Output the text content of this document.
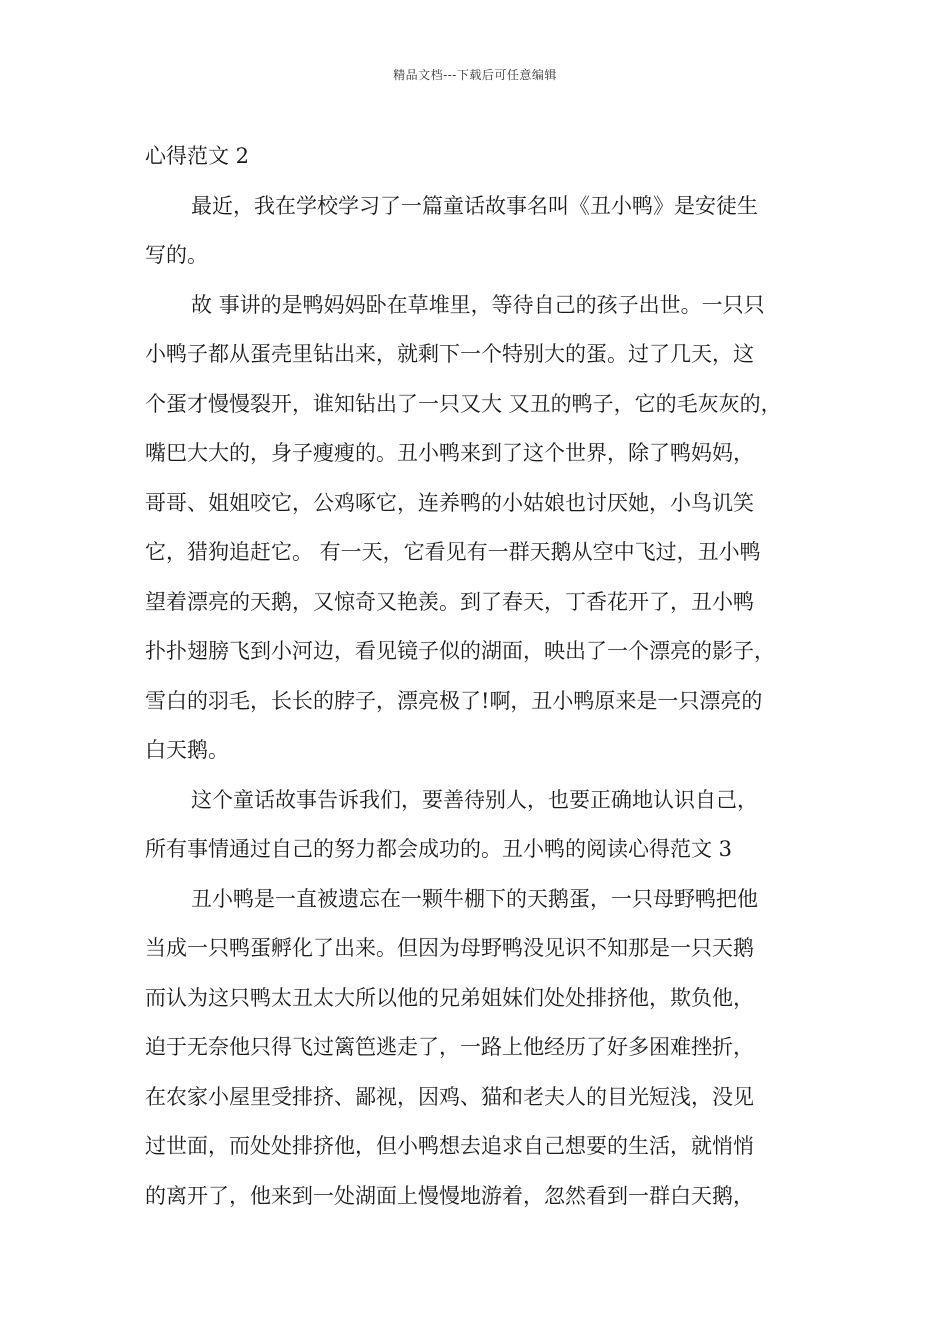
精品文档---下载后可任意编辑
心得范文 2
最近，我在学校学习了一篇童话故事名叫《丑小鸭》是安徒生
写的。
故 事讲的是鸭妈妈卧在草堆里，等待自己的孩子出世。一只只
小鸭子都从蛋壳里钻出来，就剩下一个特别大的蛋。过了几天，这
个蛋才慢慢裂开，谁知钻出了一只又大 又丑的鸭子，它的毛灰灰的，
嘴巴大大的，身子瘦瘦的。丑小鸭来到了这个世界，除了鸭妈妈，
哥哥、姐姐咬它，公鸡啄它，连养鸭的小姑娘也讨厌她，小鸟讥笑
它，猎狗追赶它。 有一天，它看见有一群天鹅从空中飞过，丑小鸭
望着漂亮的天鹅，又惊奇又艳羡。到了春天，丁香花开了，丑小鸭
扑扑翅膀飞到小河边，看见镜子似的湖面，映出了一个漂亮的影子，
雪白的羽毛，长长的脖子，漂亮极了!啊，丑小鸭原来是一只漂亮的
白天鹅。
这个童话故事告诉我们，要善待别人，也要正确地认识自己，
所有事情通过自己的努力都会成功的。丑小鸭的阅读心得范文 3
丑小鸭是一直被遗忘在一颗牛棚下的天鹅蛋，一只母野鸭把他
当成一只鸭蛋孵化了出来。但因为母野鸭没见识不知那是一只天鹅
而认为这只鸭太丑太大所以他的兄弟姐妹们处处排挤他，欺负他，
迫于无奈他只得飞过篱笆逃走了，一路上他经历了好多困难挫折，
在农家小屋里受排挤、鄙视，因鸡、猫和老夫人的目光短浅，没见
过世面，而处处排挤他，但小鸭想去追求自己想要的生活，就悄悄
的离开了，他来到一处湖面上慢慢地游着，忽然看到一群白天鹅，
